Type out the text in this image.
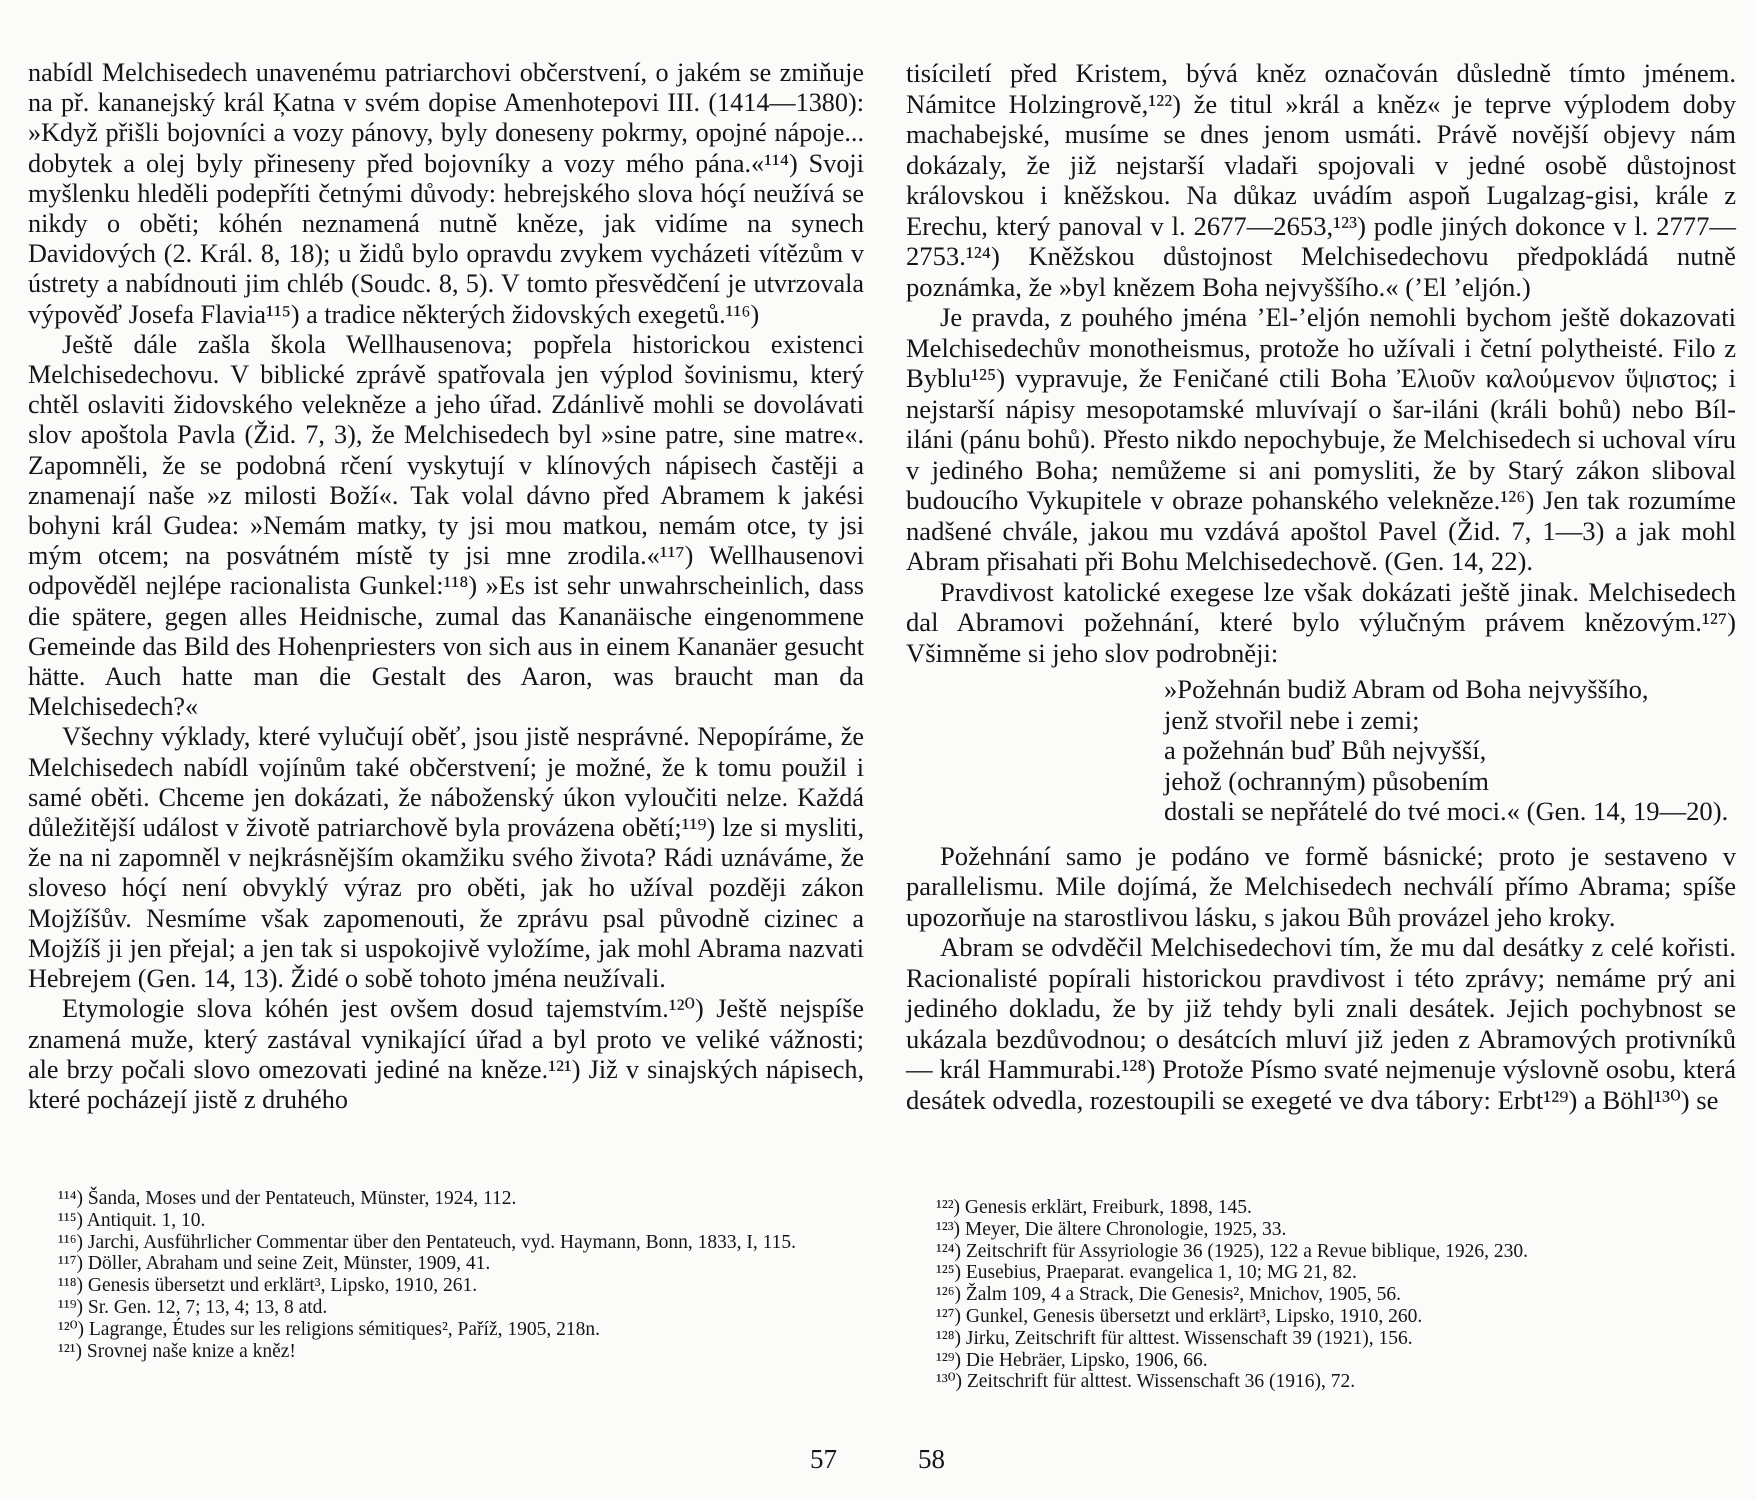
nabídl Melchisedech unavenému patriarchovi občerstvení, o jakém se zmiňuje na př. kananejský král Ķatna v svém dopise Amenhotepovi III. (1414—1380): »Když přišli bojovníci a vozy pánovy, byly doneseny pokrmy, opojné nápoje... dobytek a olej byly přineseny před bojovníky a vozy mého pána.«¹¹⁴) Svoji myšlenku hleděli podepříti četnými důvody: hebrejského slova hóçí neužívá se nikdy o oběti; kóhén neznamená nutně kněze, jak vidíme na synech Davidových (2. Král. 8, 18); u židů bylo opravdu zvykem vycházeti vítězům v ústrety a nabídnouti jim chléb (Soudc. 8, 5). V tomto přesvědčení je utvrzovala výpověď Josefa Flavia¹¹⁵) a tradice některých židovských exegetů.¹¹⁶)

Ještě dále zašla škola Wellhausenova; popřela historickou existenci Melchisedechovu. V biblické zprávě spatřovala jen výplod šovinismu, který chtěl oslaviti židovského velekněze a jeho úřad. Zdánlivě mohli se dovolávati slov apoštola Pavla (Žid. 7, 3), že Melchisedech byl »sine patre, sine matre«. Zapomněli, že se podobná rčení vyskytují v klínových nápisech častěji a znamenají naše »z milosti Boží«. Tak volal dávno před Abramem k jakési bohyni král Gudea: »Nemám matky, ty jsi mou matkou, nemám otce, ty jsi mým otcem; na posvátném místě ty jsi mne zrodila.«¹¹⁷) Wellhausenovi odpověděl nejlépe racionalista Gunkel:¹¹⁸) »Es ist sehr unwahrscheinlich, dass die spätere, gegen alles Heidnische, zumal das Kananäische eingenommene Gemeinde das Bild des Hohenpriesters von sich aus in einem Kananäer gesucht hätte. Auch hatte man die Gestalt des Aaron, was braucht man da Melchisedech?«

Všechny výklady, které vylučují oběť, jsou jistě nesprávné. Nepopíráme, že Melchisedech nabídl vojínům také občerstvení; je možné, že k tomu použil i samé oběti. Chceme jen dokázati, že náboženský úkon vyloučiti nelze. Každá důležitější událost v životě patriarchově byla provázena obětí;¹¹⁹) lze si mysliti, že na ni zapomněl v nejkrásnějším okamžiku svého života? Rádi uznáváme, že sloveso hóçí není obvyklý výraz pro oběti, jak ho užíval později zákon Mojžíšův. Nesmíme však zapomenouti, že zprávu psal původně cizinec a Mojžíš ji jen přejal; a jen tak si uspokojivě vyložíme, jak mohl Abrama nazvati Hebrejem (Gen. 14, 13). Židé o sobě tohoto jména neužívali.

Etymologie slova kóhén jest ovšem dosud tajemstvím.¹²⁰) Ještě nejspíše znamená muže, který zastával vynikající úřad a byl proto ve veliké vážnosti; ale brzy počali slovo omezovati jediné na kněze.¹²¹) Již v sinajských nápisech, které pocházejí jistě z druhého

¹¹⁴) Šanda, Moses und der Pentateuch, Münster, 1924, 112.
¹¹⁵) Antiquit. 1, 10.
¹¹⁶) Jarchi, Ausführlicher Commentar über den Pentateuch, vyd. Haymann, Bonn, 1833, I, 115.
¹¹⁷) Döller, Abraham und seine Zeit, Münster, 1909, 41.
¹¹⁸) Genesis übersetzt und erklärt³, Lipsko, 1910, 261.
¹¹⁹) Sr. Gen. 12, 7; 13, 4; 13, 8 atd.
¹²⁰) Lagrange, Études sur les religions sémitiques², Paříž, 1905, 218n.
¹²¹) Srovnej naše knize a kněz!
57

tisíciletí před Kristem, bývá kněz označován důsledně tímto jménem. Námitce Holzingrově,¹²²) že titul »král a kněz« je teprve výplodem doby machabejské, musíme se dnes jenom usmáti. Právě novější objevy nám dokázaly, že již nejstarší vladaři spojovali v jedné osobě důstojnost královskou i kněžskou. Na důkaz uvádím aspoň Lugalzag-gisi, krále z Erechu, který panoval v l. 2677—2653,¹²³) podle jiných dokonce v l. 2777—2753.¹²⁴) Kněžskou důstojnost Melchisedechovu předpokládá nutně poznámka, že »byl knězem Boha nejvyššího.« (’El ’eljón.)

Je pravda, z pouhého jména ’El-’eljón nemohli bychom ještě dokazovati Melchisedechův monotheismus, protože ho užívali i četní polytheisté. Filo z Byblu¹²⁵) vypravuje, že Feničané ctili Boha Ἐλιοῦν καλούμενον ὕψιστος; i nejstarší nápisy mesopotamské mluvívají o šar-iláni (králi bohů) nebo Bíl-iláni (pánu bohů). Přesto nikdo nepochybuje, že Melchisedech si uchoval víru v jediného Boha; nemůžeme si ani pomysliti, že by Starý zákon sliboval budoucího Vykupitele v obraze pohanského velekněze.¹²⁶) Jen tak rozumíme nadšené chvále, jakou mu vzdává apoštol Pavel (Žid. 7, 1—3) a jak mohl Abram přisahati při Bohu Melchisedechově. (Gen. 14, 22).

Pravdivost katolické exegese lze však dokázati ještě jinak. Melchisedech dal Abramovi požehnání, které bylo výlučným právem knězovým.¹²⁷) Všimněme si jeho slov podrobněji:

»Požehnán budiž Abram od Boha nejvyššího,
jenž stvořil nebe i zemi;
a požehnán buď Bůh nejvyšší,
jehož (ochranným) působením
dostali se nepřátelé do tvé moci.« (Gen. 14, 19—20).

Požehnání samo je podáno ve formě básnické; proto je sestaveno v parallelismu. Mile dojímá, že Melchisedech nechválí přímo Abrama; spíše upozorňuje na starostlivou lásku, s jakou Bůh provázel jeho kroky.

Abram se odvděčil Melchisedechovi tím, že mu dal desátky z celé kořisti. Racionalisté popírali historickou pravdivost i této zprávy; nemáme prý ani jediného dokladu, že by již tehdy byli znali desátek. Jejich pochybnost se ukázala bezdůvodnou; o desátcích mluví již jeden z Abramových protivníků — král Hammurabi.¹²⁸) Protože Písmo svaté nejmenuje výslovně osobu, která desátek odvedla, rozestoupili se exegeté ve dva tábory: Erbt¹²⁹) a Böhl¹³⁰) se

¹²²) Genesis erklärt, Freiburk, 1898, 145.
¹²³) Meyer, Die ältere Chronologie, 1925, 33.
¹²⁴) Zeitschrift für Assyriologie 36 (1925), 122 a Revue biblique, 1926, 230.
¹²⁵) Eusebius, Praeparat. evangelica 1, 10; MG 21, 82.
¹²⁶) Žalm 109, 4 a Strack, Die Genesis², Mnichov, 1905, 56.
¹²⁷) Gunkel, Genesis übersetzt und erklärt³, Lipsko, 1910, 260.
¹²⁸) Jirku, Zeitschrift für alttest. Wissenschaft 39 (1921), 156.
¹²⁹) Die Hebräer, Lipsko, 1906, 66.
¹³⁰) Zeitschrift für alttest. Wissenschaft 36 (1916), 72.
58
